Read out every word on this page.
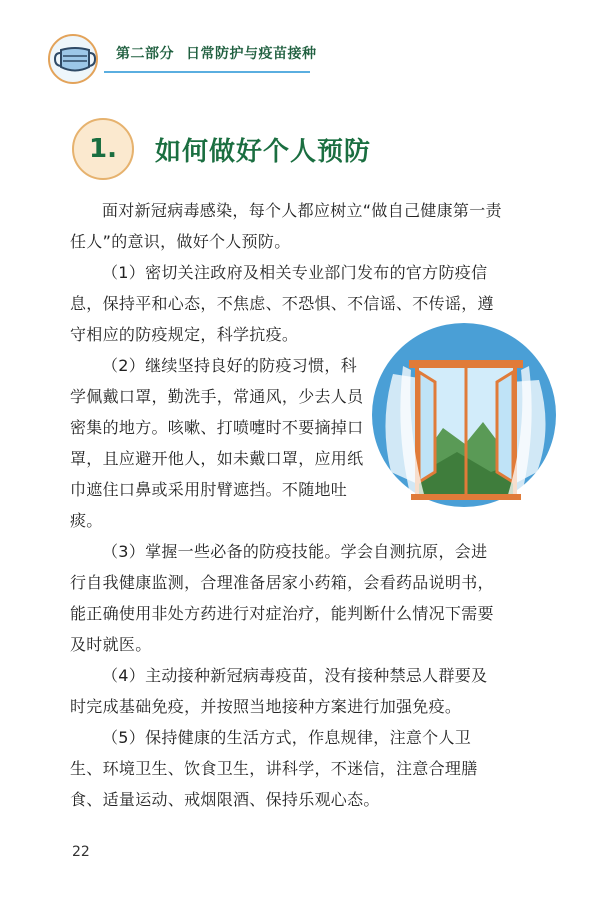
第二部分 日常防护与疫苗接种
1.	如何做好个人预防

面对新冠病毒感染，每个人都应树立“做自己健康第一责任人”的意识，做好个人预防。

（1）密切关注政府及相关专业部门发布的官方防疫信息，保持平和心态，不焦虑、不恐惧、不信谣、不传谣，遵守相应的防疫规定，科学抗疫。

（2）继续坚持良好的防疫习惯，科学佩戴口罩，勤洗手，常通风，少去人员密集的地方。咳嗽、打喷嚏时不要摘掉口罩，且应避开他人，如未戴口罩，应用纸巾遮住口鼻或采用肘臂遮挡。不随地吐痰。

（3）掌握一些必备的防疫技能。学会自测抗原，会进行自我健康监测，合理准备居家小药箱，会看药品说明书，能正确使用非处方药进行对症治疗，能判断什么情况下需要及时就医。

（4）主动接种新冠病毒疫苗，没有接种禁忌人群要及时完成基础免疫，并按照当地接种方案进行加强免疫。

（5）保持健康的生活方式，作息规律，注意个人卫生、环境卫生、饮食卫生，讲科学，不迷信，注意合理膳食、适量运动、戒烟限酒、保持乐观心态。

22
